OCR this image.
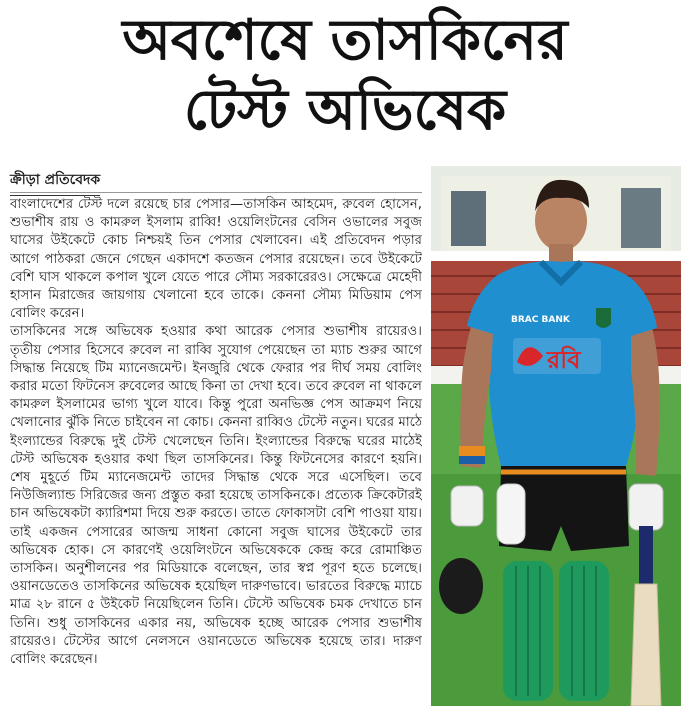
অবশেষে তাসকিনের
টেস্ট অভিষেক
ক্রীড়া প্রতিবেদক

বাংলাদেশের টেস্ট দলে রয়েছে চার পেসার—তাসকিন আহমেদ, রুবেল হোসেন, শুভাশীষ রায় ও কামরুল ইসলাম রাব্বি! ওয়েলিংটনের বেসিন ওভালের সবুজ ঘাসের উইকেটে কোচ নিশ্চয়ই তিন পেসার খেলাবেন। এই প্রতিবেদন পড়ার আগে পাঠকরা জেনে গেছেন একাদশে কতজন পেসার রয়েছেন। তবে উইকেটে বেশি ঘাস থাকলে কপাল খুলে যেতে পারে সৌম্য সরকারেরও। সেক্ষেত্রে মেহেদী হাসান মিরাজের জায়গায় খেলানো হবে তাকে। কেননা সৌম্য মিডিয়াম পেস বোলিং করেন।

তাসকিনের সঙ্গে অভিষেক হওয়ার কথা আরেক পেসার শুভাশীষ রায়েরও। তৃতীয় পেসার হিসেবে রুবেল না রাব্বি সুযোগ পেয়েছেন তা ম্যাচ শুরুর আগে সিদ্ধান্ত নিয়েছে টিম ম্যানেজমেন্ট। ইনজুরি থেকে ফেরার পর দীর্ঘ সময় বোলিং করার মতো ফিটনেস রুবেলের আছে কিনা তা দেখা হবে। তবে রুবেল না থাকলে কামরুল ইসলামের ভাগ্য খুলে যাবে। কিন্তু পুরো অনভিজ্ঞ পেস আক্রমণ নিয়ে খেলানোর ঝুঁকি নিতে চাইবেন না কোচ। কেননা রাব্বিও টেস্টে নতুন। ঘরের মাঠে ইংল্যান্ডের বিরুদ্ধে দুই টেস্ট খেলেছেন তিনি। ইংল্যান্ডের বিরুদ্ধে ঘরের মাঠেই টেস্ট অভিষেক হওয়ার কথা ছিল তাসকিনের। কিন্তু ফিটনেসের কারণে হয়নি। শেষ মুহূর্তে টিম ম্যানেজমেন্ট তাদের সিদ্ধান্ত থেকে সরে এসেছিল। তবে নিউজিল্যান্ড সিরিজের জন্য প্রস্তুত করা হয়েছে তাসকিনকে। প্রত্যেক ক্রিকেটারই চান অভিষেকটা ক্যারিশমা দিয়ে শুরু করতে। তাতে ফোকাসটা বেশি পাওয়া যায়। তাই একজন পেসারের আজন্ম সাধনা কোনো সবুজ ঘাসের উইকেটে তার অভিষেক হোক। সে কারণেই ওয়েলিংটনে অভিষেককে কেন্দ্র করে রোমাঞ্চিত তাসকিন। অনুশীলনের পর মিডিয়াকে বলেছেন, তার স্বপ্ন পূরণ হতে চলেছে। ওয়ানডেতেও তাসকিনের অভিষেক হয়েছিল দারুণভাবে। ভারতের বিরুদ্ধে ম্যাচে মাত্র ২৮ রানে ৫ উইকেট নিয়েছিলেন তিনি। টেস্টে অভিষেক চমক দেখাতে চান তিনি। শুধু তাসকিনের একার নয়, অভিষেক হচ্ছে আরেক পেসার শুভাশীষ রায়েরও। টেস্টের আগে নেলসনে ওয়ানডেতে অভিষেক হয়েছে তার। দারুণ বোলিং করেছেন।

BRAC BANK
রবি
